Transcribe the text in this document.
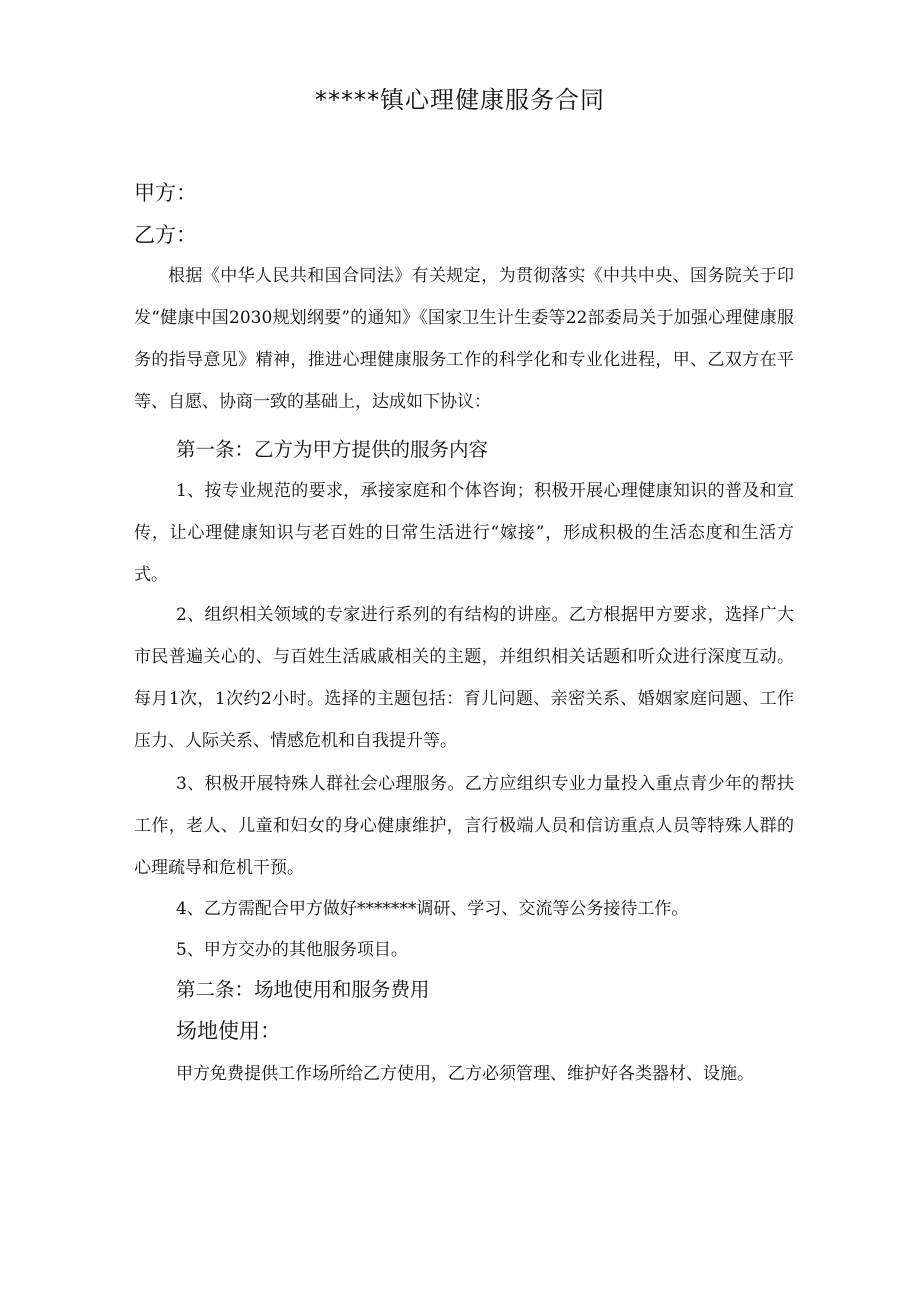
*****镇心理健康服务合同
甲方：
乙方：
根据《中华人民共和国合同法》有关规定，为贯彻落实《中共中央、国务院关于印发“健康中国2030规划纲要”的通知》《国家卫生计生委等22部委局关于加强心理健康服务的指导意见》精神，推进心理健康服务工作的科学化和专业化进程，甲、乙双方在平等、自愿、协商一致的基础上，达成如下协议：
第一条：乙方为甲方提供的服务内容
1、按专业规范的要求，承接家庭和个体咨询；积极开展心理健康知识的普及和宣传，让心理健康知识与老百姓的日常生活进行“嫁接”，形成积极的生活态度和生活方式。
2、组织相关领域的专家进行系列的有结构的讲座。乙方根据甲方要求，选择广大市民普遍关心的、与百姓生活戚戚相关的主题，并组织相关话题和听众进行深度互动。每月1次，1次约2小时。选择的主题包括：育儿问题、亲密关系、婚姻家庭问题、工作压力、人际关系、情感危机和自我提升等。
3、积极开展特殊人群社会心理服务。乙方应组织专业力量投入重点青少年的帮扶工作，老人、儿童和妇女的身心健康维护，言行极端人员和信访重点人员等特殊人群的心理疏导和危机干预。
4、乙方需配合甲方做好*******调研、学习、交流等公务接待工作。
5、甲方交办的其他服务项目。
第二条：场地使用和服务费用
场地使用：
甲方免费提供工作场所给乙方使用，乙方必须管理、维护好各类器材、设施。
